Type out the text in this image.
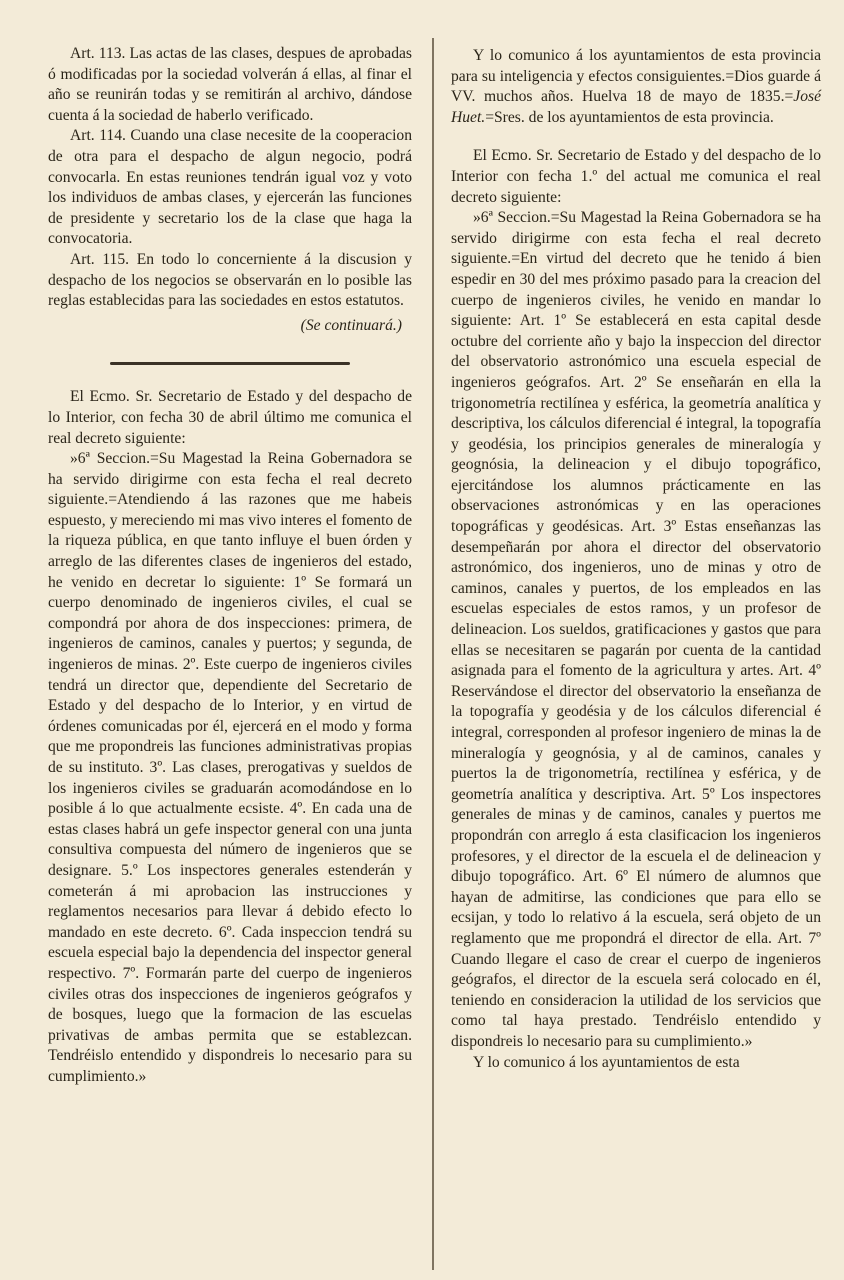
Art. 113. Las actas de las clases, despues de aprobadas ó modificadas por la sociedad volverán á ellas, al finar el año se reunirán todas y se remitirán al archivo, dándose cuenta á la sociedad de haberlo verificado.

Art. 114. Cuando una clase necesite de la cooperacion de otra para el despacho de algun negocio, podrá convocarla. En estas reuniones tendrán igual voz y voto los individuos de ambas clases, y ejercerán las funciones de presidente y secretario los de la clase que haga la convocatoria.

Art. 115. En todo lo concerniente á la discusion y despacho de los negocios se observarán en lo posible las reglas establecidas para las sociedades en estos estatutos.

(Se continuará.)

El Ecmo. Sr. Secretario de Estado y del despacho de lo Interior, con fecha 30 de abril último me comunica el real decreto siguiente:

»6ª Seccion.=Su Magestad la Reina Gobernadora se ha servido dirigirme con esta fecha el real decreto siguiente.=Atendiendo á las razones que me habeis espuesto, y mereciendo mi mas vivo interes el fomento de la riqueza pública, en que tanto influye el buen órden y arreglo de las diferentes clases de ingenieros del estado, he venido en decretar lo siguiente: 1º Se formará un cuerpo denominado de ingenieros civiles, el cual se compondrá por ahora de dos inspecciones: primera, de ingenieros de caminos, canales y puertos; y segunda, de ingenieros de minas. 2º. Este cuerpo de ingenieros civiles tendrá un director que, dependiente del Secretario de Estado y del despacho de lo Interior, y en virtud de órdenes comunicadas por él, ejercerá en el modo y forma que me propondreis las funciones administrativas propias de su instituto. 3º. Las clases, prerogativas y sueldos de los ingenieros civiles se graduarán acomodándose en lo posible á lo que actualmente ecsiste. 4º. En cada una de estas clases habrá un gefe inspector general con una junta consultiva compuesta del número de ingenieros que se designare. 5.º Los inspectores generales estenderán y cometerán á mi aprobacion las instrucciones y reglamentos necesarios para llevar á debido efecto lo mandado en este decreto. 6º. Cada inspeccion tendrá su escuela especial bajo la dependencia del inspector general respectivo. 7º. Formarán parte del cuerpo de ingenieros civiles otras dos inspecciones de ingenieros geógrafos y de bosques, luego que la formacion de las escuelas privativas de ambas permita que se establezcan. Tendréislo entendido y dispondreis lo necesario para su cumplimiento.»

Y lo comunico á los ayuntamientos de esta provincia para su inteligencia y efectos consiguientes.=Dios guarde á VV. muchos años. Huelva 18 de mayo de 1835.=José Huet.=Sres. de los ayuntamientos de esta provincia.

El Ecmo. Sr. Secretario de Estado y del despacho de lo Interior con fecha 1.º del actual me comunica el real decreto siguiente:

»6ª Seccion.=Su Magestad la Reina Gobernadora se ha servido dirigirme con esta fecha el real decreto siguiente.=En virtud del decreto que he tenido á bien espedir en 30 del mes próximo pasado para la creacion del cuerpo de ingenieros civiles, he venido en mandar lo siguiente: Art. 1º Se establecerá en esta capital desde octubre del corriente año y bajo la inspeccion del director del observatorio astronómico una escuela especial de ingenieros geógrafos. Art. 2º Se enseñarán en ella la trigonometría rectilínea y esférica, la geometría analítica y descriptiva, los cálculos diferencial é integral, la topografía y geodésia, los principios generales de mineralogía y geognósia, la delineacion y el dibujo topográfico, ejercitándose los alumnos prácticamente en las observaciones astronómicas y en las operaciones topográficas y geodésicas. Art. 3º Estas enseñanzas las desempeñarán por ahora el director del observatorio astronómico, dos ingenieros, uno de minas y otro de caminos, canales y puertos, de los empleados en las escuelas especiales de estos ramos, y un profesor de delineacion. Los sueldos, gratificaciones y gastos que para ellas se necesitaren se pagarán por cuenta de la cantidad asignada para el fomento de la agricultura y artes. Art. 4º Reservándose el director del observatorio la enseñanza de la topografía y geodésia y de los cálculos diferencial é integral, corresponden al profesor ingeniero de minas la de mineralogía y geognósia, y al de caminos, canales y puertos la de trigonometría, rectilínea y esférica, y de geometría analítica y descriptiva. Art. 5º Los inspectores generales de minas y de caminos, canales y puertos me propondrán con arreglo á esta clasificacion los ingenieros profesores, y el director de la escuela el de delineacion y dibujo topográfico. Art. 6º El número de alumnos que hayan de admitirse, las condiciones que para ello se ecsijan, y todo lo relativo á la escuela, será objeto de un reglamento que me propondrá el director de ella. Art. 7º Cuando llegare el caso de crear el cuerpo de ingenieros geógrafos, el director de la escuela será colocado en él, teniendo en consideracion la utilidad de los servicios que como tal haya prestado. Tendréislo entendido y dispondreis lo necesario para su cumplimiento.»

Y lo comunico á los ayuntamientos de esta
